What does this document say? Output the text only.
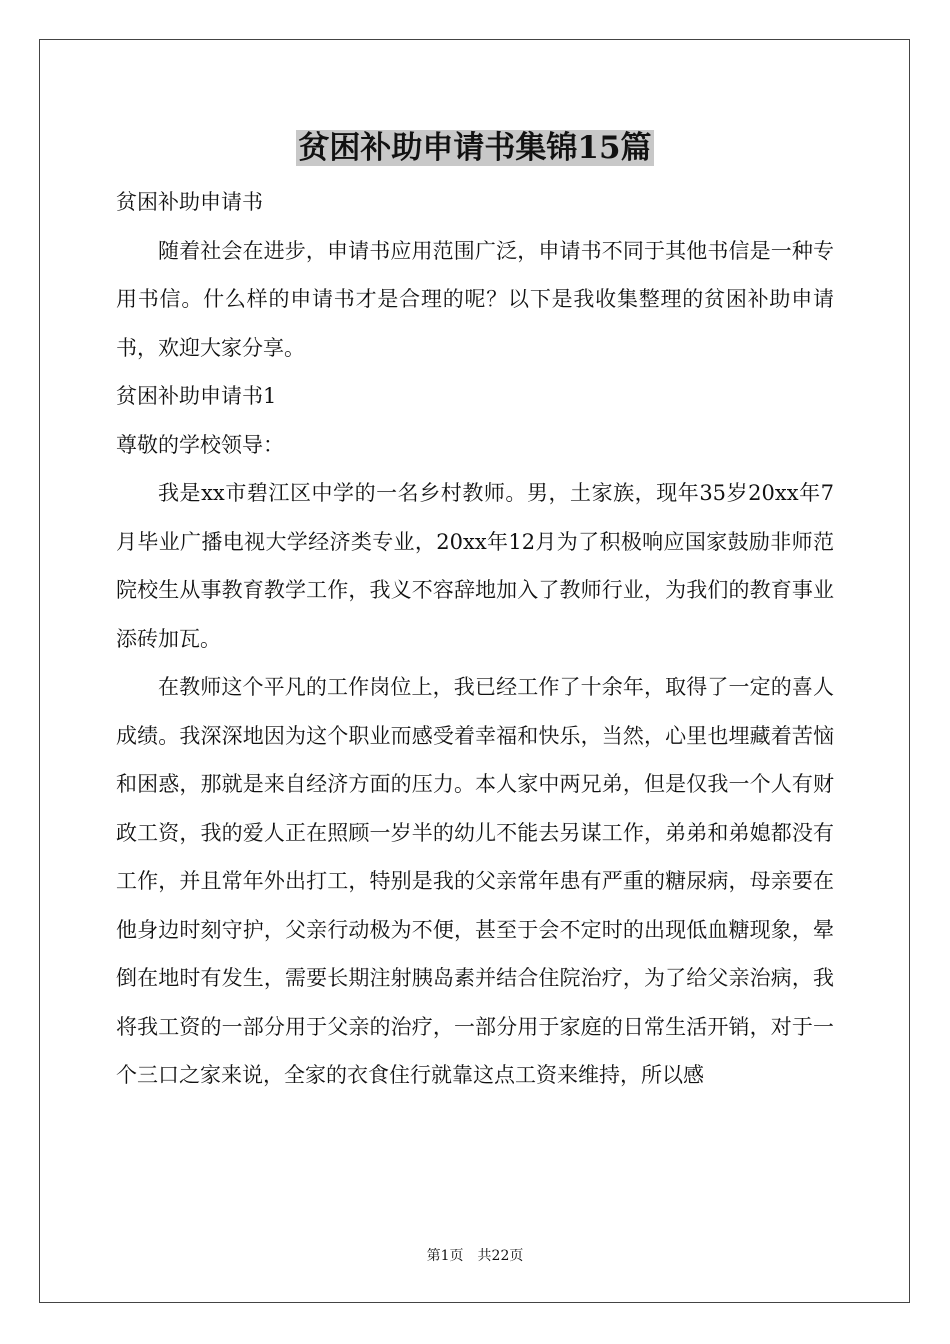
贫困补助申请书集锦15篇

贫困补助申请书

随着社会在进步，申请书应用范围广泛，申请书不同于其他书信是一种专用书信。什么样的申请书才是合理的呢？以下是我收集整理的贫困补助申请书，欢迎大家分享。

贫困补助申请书1

尊敬的学校领导：

我是xx市碧江区中学的一名乡村教师。男，土家族，现年35岁20xx年7月毕业广播电视大学经济类专业，20xx年12月为了积极响应国家鼓励非师范院校生从事教育教学工作，我义不容辞地加入了教师行业，为我们的教育事业添砖加瓦。

在教师这个平凡的工作岗位上，我已经工作了十余年，取得了一定的喜人成绩。我深深地因为这个职业而感受着幸福和快乐，当然，心里也埋藏着苦恼和困惑，那就是来自经济方面的压力。本人家中两兄弟，但是仅我一个人有财政工资，我的爱人正在照顾一岁半的幼儿不能去另谋工作，弟弟和弟媳都没有工作，并且常年外出打工，特别是我的父亲常年患有严重的糖尿病，母亲要在他身边时刻守护，父亲行动极为不便，甚至于会不定时的出现低血糖现象，晕倒在地时有发生，需要长期注射胰岛素并结合住院治疗，为了给父亲治病，我将我工资的一部分用于父亲的治疗，一部分用于家庭的日常生活开销，对于一个三口之家来说，全家的衣食住行就靠这点工资来维持，所以感

第1页 共22页
